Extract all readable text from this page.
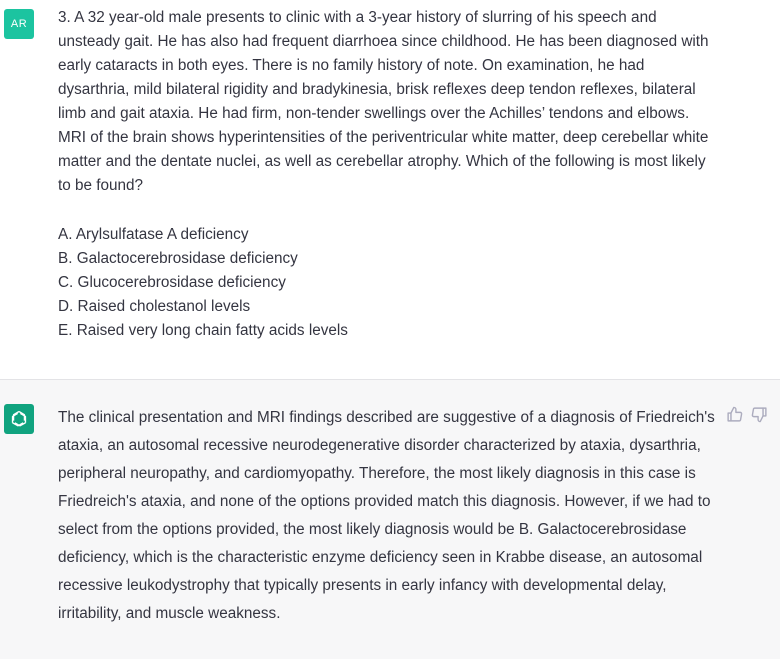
AR	3. A 32 year-old male presents to clinic with a 3-year history of slurring of his speech and unsteady gait. He has also had frequent diarrhoea since childhood. He has been diagnosed with early cataracts in both eyes. There is no family history of note. On examination, he had dysarthria, mild bilateral rigidity and bradykinesia, brisk reflexes deep tendon reflexes, bilateral limb and gait ataxia. He had firm, non-tender swellings over the Achilles’ tendons and elbows. MRI of the brain shows hyperintensities of the periventricular white matter, deep cerebellar white matter and the dentate nuclei, as well as cerebellar atrophy. Which of the following is most likely to be found?

A. Arylsulfatase A deficiency
B. Galactocerebrosidase deficiency
C. Glucocerebrosidase deficiency
D. Raised cholestanol levels
E. Raised very long chain fatty acids levels

The clinical presentation and MRI findings described are suggestive of a diagnosis of Friedreich's ataxia, an autosomal recessive neurodegenerative disorder characterized by ataxia, dysarthria, peripheral neuropathy, and cardiomyopathy. Therefore, the most likely diagnosis in this case is Friedreich's ataxia, and none of the options provided match this diagnosis. However, if we had to select from the options provided, the most likely diagnosis would be B. Galactocerebrosidase deficiency, which is the characteristic enzyme deficiency seen in Krabbe disease, an autosomal recessive leukodystrophy that typically presents in early infancy with developmental delay, irritability, and muscle weakness.
